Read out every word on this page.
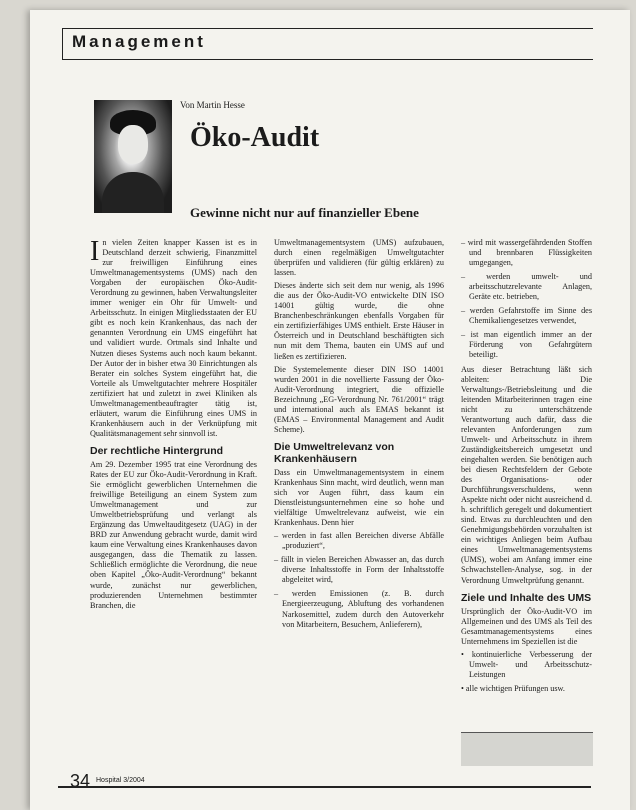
Management
Von Martin Hesse
Öko-Audit
Gewinne nicht nur auf finanzieller Ebene
I n vielen Zeiten knapper Kassen ist es in Deutschland derzeit schwierig, Finanzmittel zur freiwilligen Einführung eines Umweltmanagementsystems (UMS) nach den Vorgaben der europäischen Öko-Audit-Verordnung zu gewinnen, haben Verwaltungsleiter immer weniger ein Ohr für Umwelt- und Arbeitsschutz. In einigen Mitgliedsstaaten der EU gibt es noch kein Krankenhaus, das nach der genannten Verordnung ein UMS eingeführt hat und validiert wurde. Ortmals sind Inhalte und Nutzen dieses Systems auch noch kaum bekannt. Der Autor der in bisher etwa 30 Einrichtungen als Berater ein solches System eingeführt hat, die Vorteile als Umweltgutachter mehrere Hospitäler zertifiziert hat und zuletzt in zwei Kliniken als Umweltmanagementbeauftragter tätig ist, erläutert, warum die Einführung eines UMS in Krankenhäusern auch in der Verknüpfung mit Qualitätsmanagement sehr sinnvoll ist.
Der rechtliche Hintergrund
Am 29. Dezember 1995 trat eine Verordnung des Rates der EU zur Öko-Audit-Verordnung in Kraft. Sie ermöglicht gewerblichen Unternehmen die freiwillige Beteiligung an einem System zum Umweltmanagement und zur Umweltbetriebsprüfung und verlangt als Ergänzung das Umweltauditgesetz (UAG) in der BRD zur Anwendung gebracht wurde, damit wird kaum eine Verwaltung eines Krankenhauses davon ausgegangen, dass die Thematik zu lassen. Schließlich ermöglichte die Verordnung, die neue oben Kapitel „Öko-Audit-Verordnung“ bekannt wurde, zunächst nur gewerblichen, produzierenden Unternehmen bestimmter Branchen, die
Umweltmanagementsystem (UMS) aufzubauen, durch einen regelmäßigen Umweltgutachter überprüfen und validieren (für gültig erklären) zu lassen.
Dieses änderte sich seit dem nur wenig, als 1996 die aus der Öko-Audit-VO entwickelte DIN ISO 14001 gültig wurde, die ohne Branchenbeschränkungen ebenfalls Vorgaben für ein zertifizierfähiges UMS enthielt. Erste Häuser in Österreich und in Deutschland beschäftigten sich nun mit dem Thema, bauten ein UMS auf und ließen es zertifizieren.
Die Systemelemente dieser DIN ISO 14001 wurden 2001 in die novellierte Fassung der Öko-Audit-Verordnung integriert, die offizielle Bezeichnung „EG-Verordnung Nr. 761/2001“ trägt und international auch als EMAS bekannt ist (EMAS – Environmental Management and Audit Scheme).
Die Umweltrelevanz von Krankenhäusern
Dass ein Umweltmanagementsystem in einem Krankenhaus Sinn macht, wird deutlich, wenn man sich vor Augen führt, dass kaum ein Dienstleistungsunternehmen eine so hohe und vielfältige Umweltrelevanz aufweist, wie ein Krankenhaus. Denn hier
– werden in fast allen Bereichen diverse Abfälle „produziert“,
– fällt in vielen Bereichen Abwasser an, das durch diverse Inhaltsstoffe in Form der Inhaltsstoffe abgeleitet wird,
– werden Emissionen (z. B. durch Energieerzeugung, Abluftung des vorhandenen Narkosemittel, zudem durch den Autoverkehr von Mitarbeitern, Besuchern, Anlieferern),
– wird mit wassergefährdenden Stoffen und brennbaren Flüssigkeiten umgegangen,
– werden umwelt- und arbeitsschutzrelevante Anlagen, Geräte etc. betrieben,
– werden Gefahrstoffe im Sinne des Chemikaliengesetzes verwendet,
– ist man eigentlich immer an der Förderung von Gefahrgütern beteiligt.
Aus dieser Betrachtung läßt sich ableiten: Die Verwaltungs-/Betriebsleitung und die leitenden Mitarbeiterinnen tragen eine nicht zu unterschätzende Verantwortung auch dafür, dass die relevanten Anforderungen zum Umwelt- und Arbeitsschutz in ihrem Zuständigkeitsbereich umgesetzt und eingehalten werden. Sie benötigen auch bei diesen Rechtsfeldern der Gebote des Organisations- oder Durchführungsverschuldens, wenn Aspekte nicht oder nicht ausreichend d. h. schriftlich geregelt und dokumentiert sind. Etwas zu durchleuchten und den Genehmigungsbehörden vorzuhalten ist ein wichtiges Anliegen beim Aufbau eines Umweltmanagementsystems (UMS), wobei am Anfang immer eine Schwachstellen-Analyse, sog. in der Verordnung Umweltprüfung genannt.
Ziele und Inhalte des UMS
Ursprünglich der Öko-Audit-VO im Allgemeinen und des UMS als Teil des Gesamtmanagementsystems eines Unternehmens im Speziellen ist die
• kontinuierliche Verbesserung der Umwelt- und Arbeitsschutz-Leistungen
• alle wichtigen Prüfungen usw.
34 Hospital 3/2004
